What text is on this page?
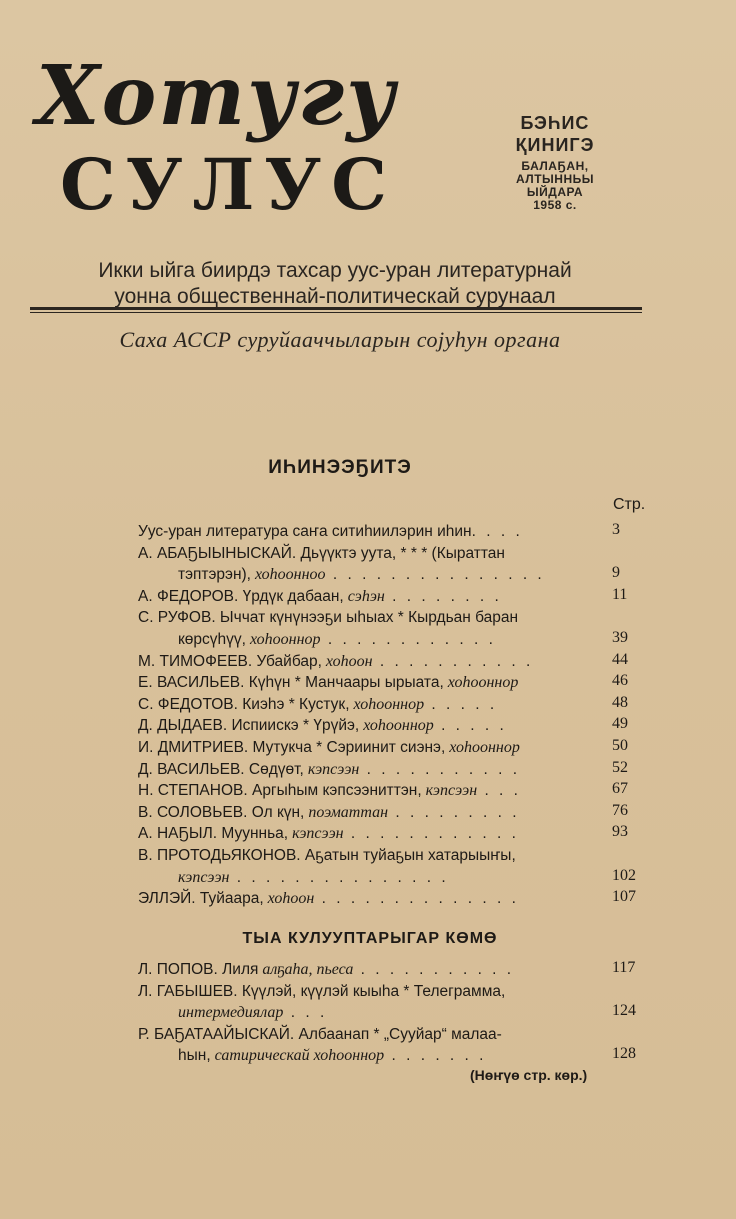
Хотугу
СУЛУС
БЭҺИС
ҚИНИГЭ
БАЛАҔАН,
АЛТЫННЬЫ
ЫЙДАРА
1958 с.
Икки ыйга биирдэ тахсар уус-уран литературнай
уонна общественнай-политическай сурунаал
Саха АССР суруйааччыларын сојуһун органа
ИҺИНЭЭҔИТЭ
Стр.
Уус-уран литература саҥа ситиһиилэрин иһин. . . .	3
А. АБАҔЫЫНЫСКАЙ. Дьүүктэ уута, * * * (Кыраттан
тэптэрэн), хоһоонноо . . . . . . . . . . . . . . .	9
А. ФЕДОРОВ. Үрдүк дабаан, сэһэн . . . . . . . .	11
С. РУФОВ. Ыччат күнүнээҕи ыһыах * Кырдьан баран
көрсүһүү, хоһооннор . . . . . . . . . . . .	39
М. ТИМОФЕЕВ. Убайбар, хоһоон . . . . . . . . . . .	44
Е. ВАСИЛЬЕВ. Күһүн * Манчаары ырыата, хоһооннор	46
С. ФЕДОТОВ. Киэһэ * Кустук, хоһооннор . . . . .	48
Д. ДЫДАЕВ. Испиискэ * Үрүйэ, хоһооннор . . . . .	49
И. ДМИТРИЕВ. Мутукча * Сэриинит сиэнэ, хоһооннор	50
Д. ВАСИЛЬЕВ. Сөдүөт, кэпсээн . . . . . . . . . . .	52
Н. СТЕПАНОВ. Аргыһым кэпсээниттэн, кэпсээн . . .	67
В. СОЛОВЬЕВ. Ол күн, поэматтан . . . . . . . . .	76
А. НАҔЫЛ. Муунньа, кэпсээн . . . . . . . . . . . .	93
В. ПРОТОДЬЯКОНОВ. Аҕатын туйаҕын хатарыыҥы,
кэпсээн . . . . . . . . . . . . . . .	102
ЭЛЛЭЙ. Туйаара, хоһоон . . . . . . . . . . . . . .	107
ТЫА КУЛУУПТАРЫГАР КӨМӨ
Л. ПОПОВ. Лиля алҕаһа, пьеса . . . . . . . . . . .	117
Л. ГАБЫШЕВ. Күүлэй, күүлэй кыыһа * Телеграмма,
интермедиялар . . .	124
Р. БАҔАТААЙЫСКАЙ. Албаанап * „Сууйар“ малаа-
һын, сатирическай хоһооннор . . . . . . .	128
(Нөҥүө стр. көр.)
